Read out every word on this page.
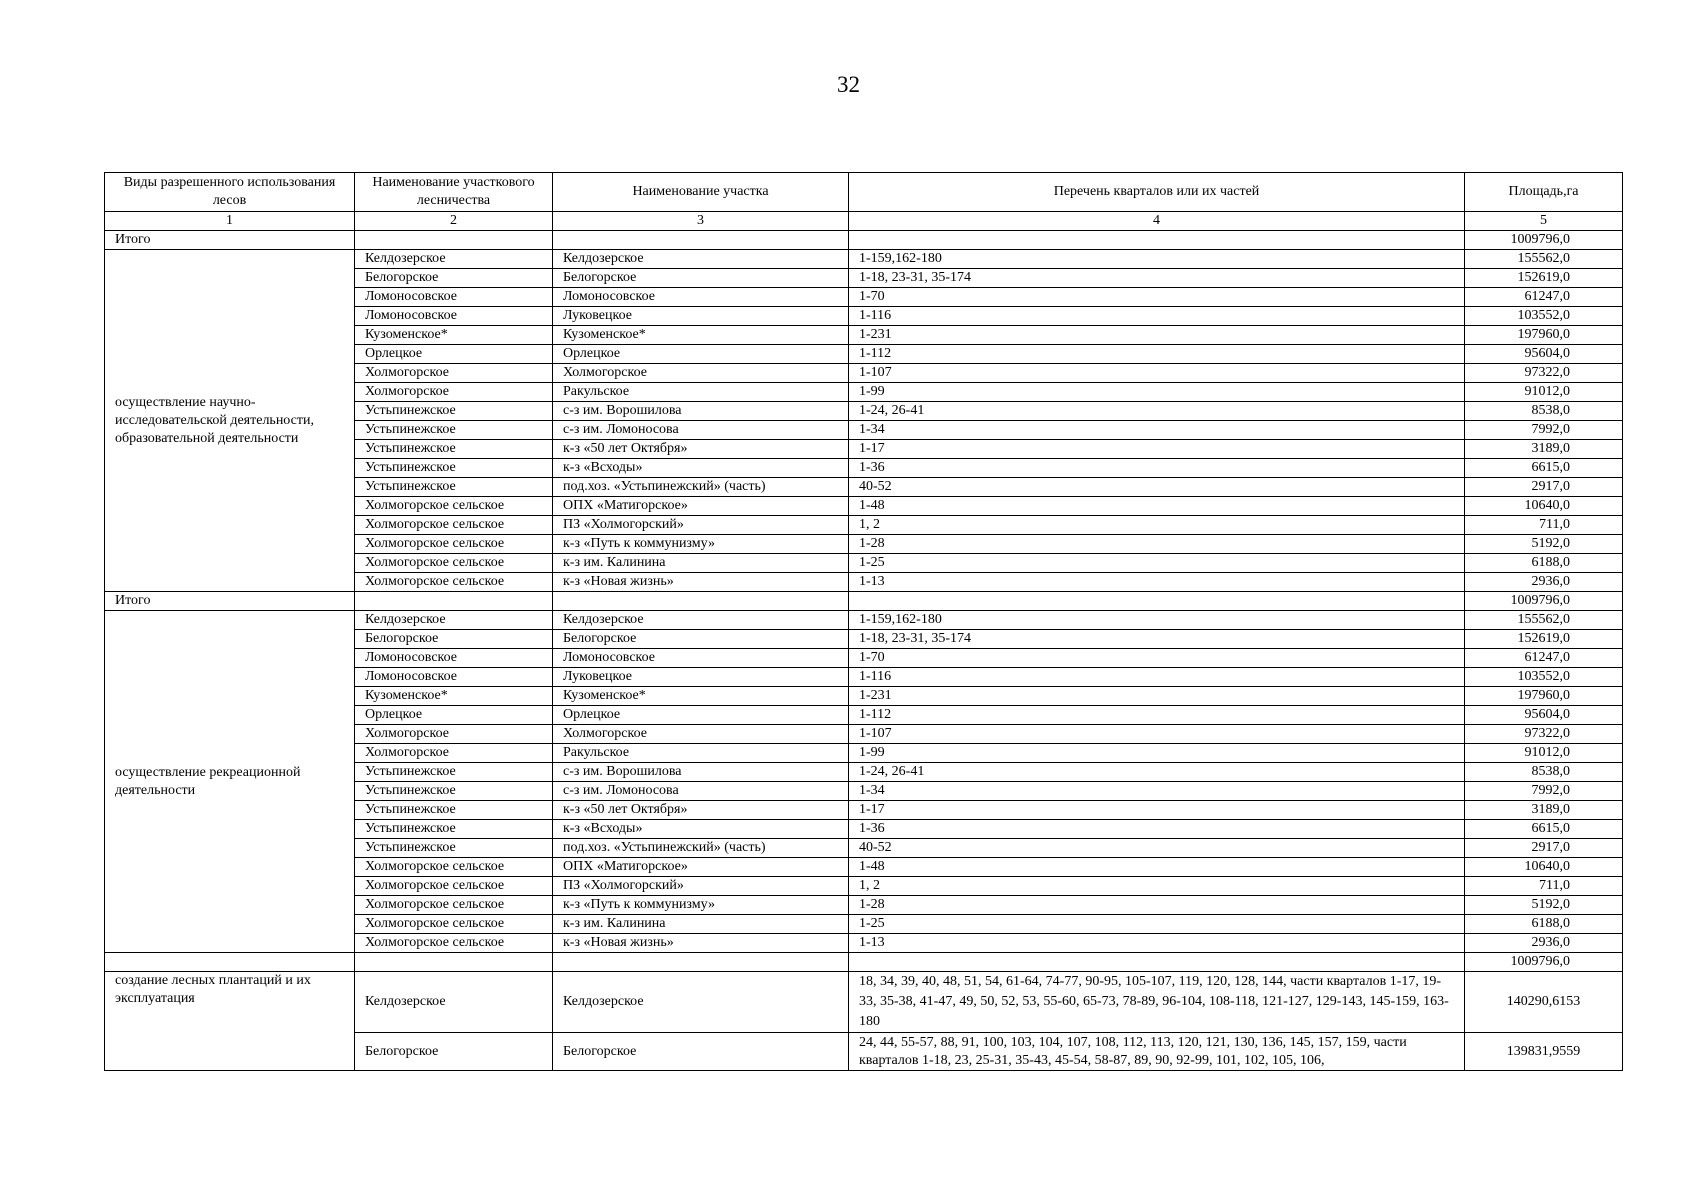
32
Виды разрешенного использования лесов	Наименование участкового лесничества	Наименование участка	Перечень кварталов или их частей	Площадь,га
1	2	3	4	5
Итого				1009796,0
осуществление научно-исследовательской деятельности, образовательной деятельности	Келдозерское	Келдозерское	1-159,162-180	155562,0
	Белогорское	Белогорское	1-18, 23-31, 35-174	152619,0
	Ломоносовское	Ломоносовское	1-70	61247,0
	Ломоносовское	Луковецкое	1-116	103552,0
	Кузоменское*	Кузоменское*	1-231	197960,0
	Орлецкое	Орлецкое	1-112	95604,0
	Холмогорское	Холмогорское	1-107	97322,0
	Холмогорское	Ракульское	1-99	91012,0
	Устьпинежское	с-з им. Ворошилова	1-24, 26-41	8538,0
	Устьпинежское	с-з им. Ломоносова	1-34	7992,0
	Устьпинежское	к-з «50 лет Октября»	1-17	3189,0
	Устьпинежское	к-з «Всходы»	1-36	6615,0
	Устьпинежское	под.хоз. «Устьпинежский» (часть)	40-52	2917,0
	Холмогорское сельское	ОПХ «Матигорское»	1-48	10640,0
	Холмогорское сельское	ПЗ «Холмогорский»	1, 2	711,0
	Холмогорское сельское	к-з «Путь к коммунизму»	1-28	5192,0
	Холмогорское сельское	к-з им. Калинина	1-25	6188,0
	Холмогорское сельское	к-з «Новая жизнь»	1-13	2936,0
Итого				1009796,0
осуществление рекреационной деятельности	Келдозерское	Келдозерское	1-159,162-180	155562,0
	Белогорское	Белогорское	1-18, 23-31, 35-174	152619,0
	Ломоносовское	Ломоносовское	1-70	61247,0
	Ломоносовское	Луковецкое	1-116	103552,0
	Кузоменское*	Кузоменское*	1-231	197960,0
	Орлецкое	Орлецкое	1-112	95604,0
	Холмогорское	Холмогорское	1-107	97322,0
	Холмогорское	Ракульское	1-99	91012,0
	Устьпинежское	с-з им. Ворошилова	1-24, 26-41	8538,0
	Устьпинежское	с-з им. Ломоносова	1-34	7992,0
	Устьпинежское	к-з «50 лет Октября»	1-17	3189,0
	Устьпинежское	к-з «Всходы»	1-36	6615,0
	Устьпинежское	под.хоз. «Устьпинежский» (часть)	40-52	2917,0
	Холмогорское сельское	ОПХ «Матигорское»	1-48	10640,0
	Холмогорское сельское	ПЗ «Холмогорский»	1, 2	711,0
	Холмогорское сельское	к-з «Путь к коммунизму»	1-28	5192,0
	Холмогорское сельское	к-з им. Калинина	1-25	6188,0
	Холмогорское сельское	к-з «Новая жизнь»	1-13	2936,0
				1009796,0
создание лесных плантаций и их эксплуатация	Келдозерское	Келдозерское	18, 34, 39, 40, 48, 51, 54, 61-64, 74-77, 90-95, 105-107, 119, 120, 128, 144, части кварталов 1-17, 19-33, 35-38, 41-47, 49, 50, 52, 53, 55-60, 65-73, 78-89, 96-104, 108-118, 121-127, 129-143, 145-159, 163-180	140290,6153
	Белогорское	Белогорское	24, 44, 55-57, 88, 91, 100, 103, 104, 107, 108, 112, 113, 120, 121, 130, 136, 145, 157, 159, части кварталов 1-18, 23, 25-31, 35-43, 45-54, 58-87, 89, 90, 92-99, 101, 102, 105, 106,	139831,9559
